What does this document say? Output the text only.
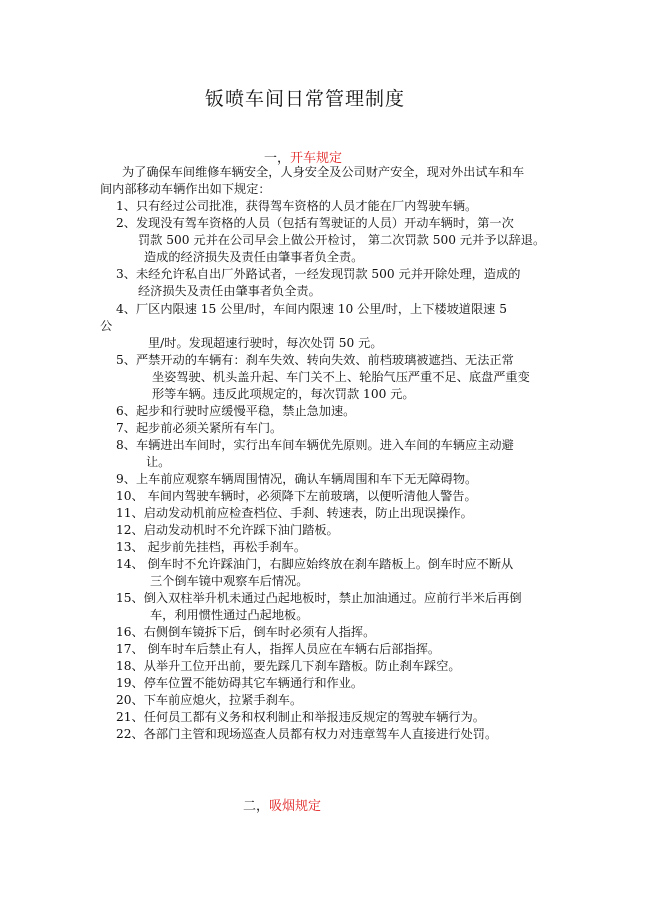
钣喷车间日常管理制度
一，开车规定
为了确保车间维修车辆安全，人身安全及公司财产安全，现对外出试车和车
间内部移动车辆作出如下规定：
1、只有经过公司批准，获得驾车资格的人员才能在厂内驾驶车辆。
2、发现没有驾车资格的人员（包括有驾驶证的人员）开动车辆时，第一次
罚款 500 元并在公司早会上做公开检讨， 第二次罚款 500 元并予以辞退。
造成的经济损失及责任由肇事者负全责。
3、未经允许私自出厂外路试者，一经发现罚款 500 元并开除处理，造成的
经济损失及责任由肇事者负全责。
4、厂区内限速 15 公里/时，车间内限速 10 公里/时，上下楼坡道限速 5
公
里/时。发现超速行驶时，每次处罚 50 元。
5、严禁开动的车辆有：刹车失效、转向失效、前档玻璃被遮挡、无法正常
坐姿驾驶、机头盖升起、车门关不上、轮胎气压严重不足、底盘严重变
形等车辆。违反此项规定的，每次罚款 100 元。
6、起步和行驶时应缓慢平稳，禁止急加速。
7、起步前必须关紧所有车门。
8、车辆进出车间时，实行出车间车辆优先原则。进入车间的车辆应主动避
让。
9、上车前应观察车辆周围情况，确认车辆周围和车下无无障碍物。
10、 车间内驾驶车辆时，必须降下左前玻璃，以便听清他人警告。
11、启动发动机前应检查档位、手刹、转速表，防止出现误操作。
12、启动发动机时不允许踩下油门踏板。
13、 起步前先挂档，再松手刹车。
14、 倒车时不允许踩油门，右脚应始终放在刹车踏板上。倒车时应不断从
三个倒车镜中观察车后情况。
15、倒入双柱举升机未通过凸起地板时，禁止加油通过。应前行半米后再倒
车，利用惯性通过凸起地板。
16、右侧倒车镜拆下后，倒车时必须有人指挥。
17、 倒车时车后禁止有人，指挥人员应在车辆右后部指挥。
18、从举升工位开出前，要先踩几下刹车踏板。防止刹车踩空。
19、停车位置不能妨碍其它车辆通行和作业。
20、下车前应熄火，拉紧手刹车。
21、任何员工都有义务和权利制止和举报违反规定的驾驶车辆行为。
22、各部门主管和现场巡查人员都有权力对违章驾车人直接进行处罚。
二，吸烟规定
